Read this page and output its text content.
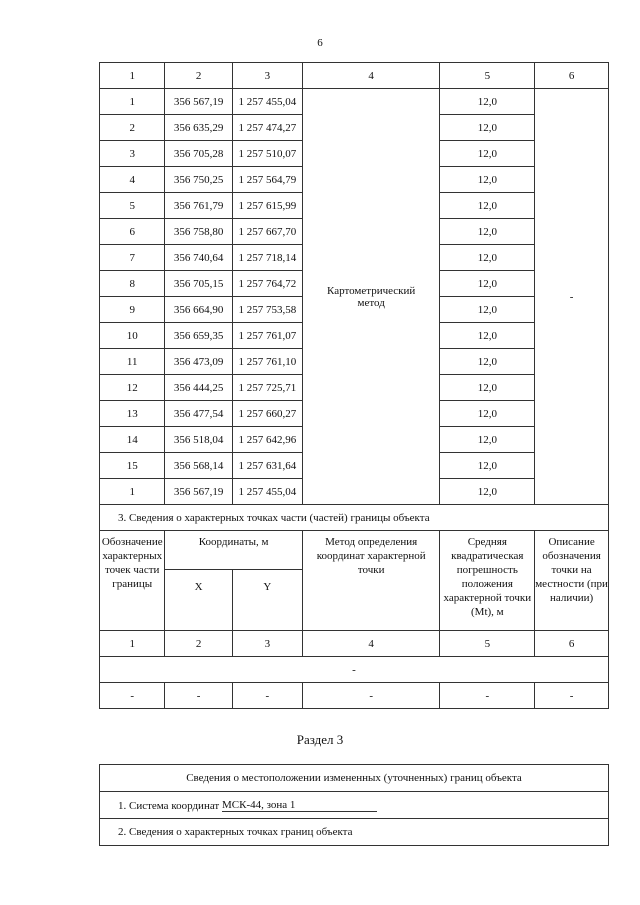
6
1	2	3	4	5	6
1	356 567,19	1 257 455,04	Картометрический метод	12,0	-
2	356 635,29	1 257 474,27		12,0	
3	356 705,28	1 257 510,07		12,0	
4	356 750,25	1 257 564,79		12,0	
5	356 761,79	1 257 615,99		12,0	
6	356 758,80	1 257 667,70		12,0	
7	356 740,64	1 257 718,14		12,0	
8	356 705,15	1 257 764,72		12,0	
9	356 664,90	1 257 753,58		12,0	
10	356 659,35	1 257 761,07		12,0	
11	356 473,09	1 257 761,10		12,0	
12	356 444,25	1 257 725,71		12,0	
13	356 477,54	1 257 660,27		12,0	
14	356 518,04	1 257 642,96		12,0	
15	356 568,14	1 257 631,64		12,0	
1	356 567,19	1 257 455,04		12,0	
3. Сведения о характерных точках части (частей) границы объекта					
Обозначение характерных точек части границы	Координаты, м		Метод определения координат характерной точки	Средняя квадратическая погрешность положения характерной точки (Mt), м	Описание обозначения точки на местности (при наличии)
	X	Y			
1	2	3	4	5	6
-					
-	-	-	-	-	-
Раздел 3
Сведения о местоположении измененных (уточненных) границ объекта
1. Система координат МСК-44, зона 1
2. Сведения о характерных точках границ объекта
